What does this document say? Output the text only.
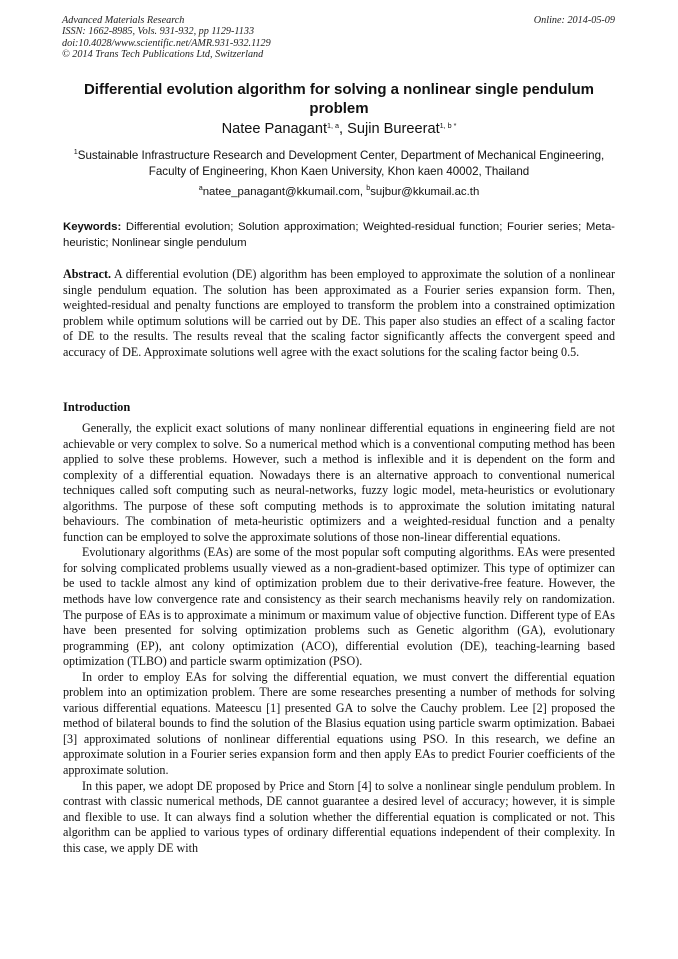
Advanced Materials Research
ISSN: 1662-8985, Vols. 931-932, pp 1129-1133
doi:10.4028/www.scientific.net/AMR.931-932.1129
© 2014 Trans Tech Publications Ltd, Switzerland
Online: 2014-05-09
Differential evolution algorithm for solving a nonlinear single pendulum problem
Natee Panagant$^{1, a}$, Sujin Bureerat$^{1, b *}$
$^1$Sustainable Infrastructure Research and Development Center, Department of Mechanical Engineering, Faculty of Engineering, Khon Kaen University, Khon kaen 40002, Thailand
$^a$natee_panagant@kkumail.com, $^b$sujbur@kkumail.ac.th
Keywords: Differential evolution; Solution approximation; Weighted-residual function; Fourier series; Meta-heuristic; Nonlinear single pendulum
Abstract. A differential evolution (DE) algorithm has been employed to approximate the solution of a nonlinear single pendulum equation. The solution has been approximated as a Fourier series expansion form. Then, weighted-residual and penalty functions are employed to transform the problem into a constrained optimization problem while optimum solutions will be carried out by DE. This paper also studies an effect of a scaling factor of DE to the results. The results reveal that the scaling factor significantly affects the convergent speed and accuracy of DE. Approximate solutions well agree with the exact solutions for the scaling factor being 0.5.
Introduction

Generally, the explicit exact solutions of many nonlinear differential equations in engineering field are not achievable or very complex to solve. So a numerical method which is a conventional computing method has been applied to solve these problems. However, such a method is inflexible and it is dependent on the form and complexity of a differential equation. Nowadays there is an alternative approach to conventional numerical techniques called soft computing such as neural-networks, fuzzy logic model, meta-heuristics or evolutionary algorithms. The purpose of these soft computing methods is to approximate the solution imitating natural behaviours. The combination of meta-heuristic optimizers and a weighted-residual function and a penalty function can be employed to solve the approximate solutions of those non-linear differential equations.

Evolutionary algorithms (EAs) are some of the most popular soft computing algorithms. EAs were presented for solving complicated problems usually viewed as a non-gradient-based optimizer. This type of optimizer can be used to tackle almost any kind of optimization problem due to their derivative-free feature. However, the methods have low convergence rate and consistency as their search mechanisms heavily rely on randomization. The purpose of EAs is to approximate a minimum or maximum value of objective function. Different type of EAs have been presented for solving optimization problems such as Genetic algorithm (GA), evolutionary programming (EP), ant colony optimization (ACO), differential evolution (DE), teaching-learning based optimization (TLBO) and particle swarm optimization (PSO).

In order to employ EAs for solving the differential equation, we must convert the differential equation problem into an optimization problem. There are some researches presenting a number of methods for solving various differential equations. Mateescu [1] presented GA to solve the Cauchy problem. Lee [2] proposed the method of bilateral bounds to find the solution of the Blasius equation using particle swarm optimization. Babaei [3] approximated solutions of nonlinear differential equations using PSO. In this research, we define an approximate solution in a Fourier series expansion form and then apply EAs to predict Fourier coefficients of the approximate solution.

In this paper, we adopt DE proposed by Price and Storn [4] to solve a nonlinear single pendulum problem. In contrast with classic numerical methods, DE cannot guarantee a desired level of accuracy; however, it is simple and flexible to use. It can always find a solution whether the differential equation is complicated or not. This algorithm can be applied to various types of ordinary differential equations independent of their complexity. In this case, we apply DE with
